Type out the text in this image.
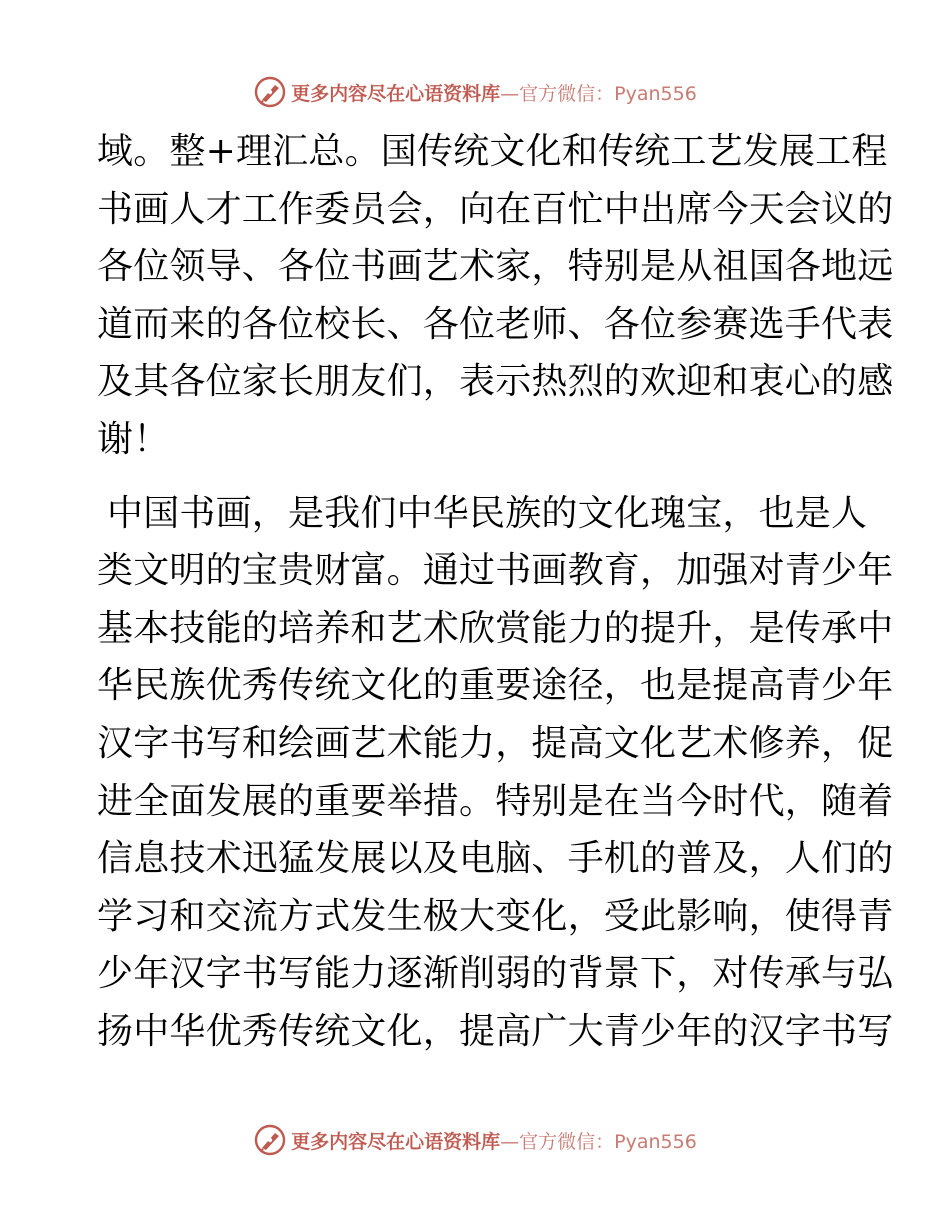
更多内容尽在心语资料库—官方微信：Pyan556
域。整+理汇总。国传统文化和传统工艺发展工程
书画人才工作委员会，向在百忙中出席今天会议的
各位领导、各位书画艺术家，特别是从祖国各地远
道而来的各位校长、各位老师、各位参赛选手代表
及其各位家长朋友们，表示热烈的欢迎和衷心的感
谢！
中国书画，是我们中华民族的文化瑰宝，也是人
类文明的宝贵财富。通过书画教育，加强对青少年
基本技能的培养和艺术欣赏能力的提升，是传承中
华民族优秀传统文化的重要途径，也是提高青少年
汉字书写和绘画艺术能力，提高文化艺术修养，促
进全面发展的重要举措。特别是在当今时代，随着
信息技术迅猛发展以及电脑、手机的普及，人们的
学习和交流方式发生极大变化，受此影响，使得青
少年汉字书写能力逐渐削弱的背景下，对传承与弘
扬中华优秀传统文化，提高广大青少年的汉字书写
更多内容尽在心语资料库—官方微信：Pyan556
